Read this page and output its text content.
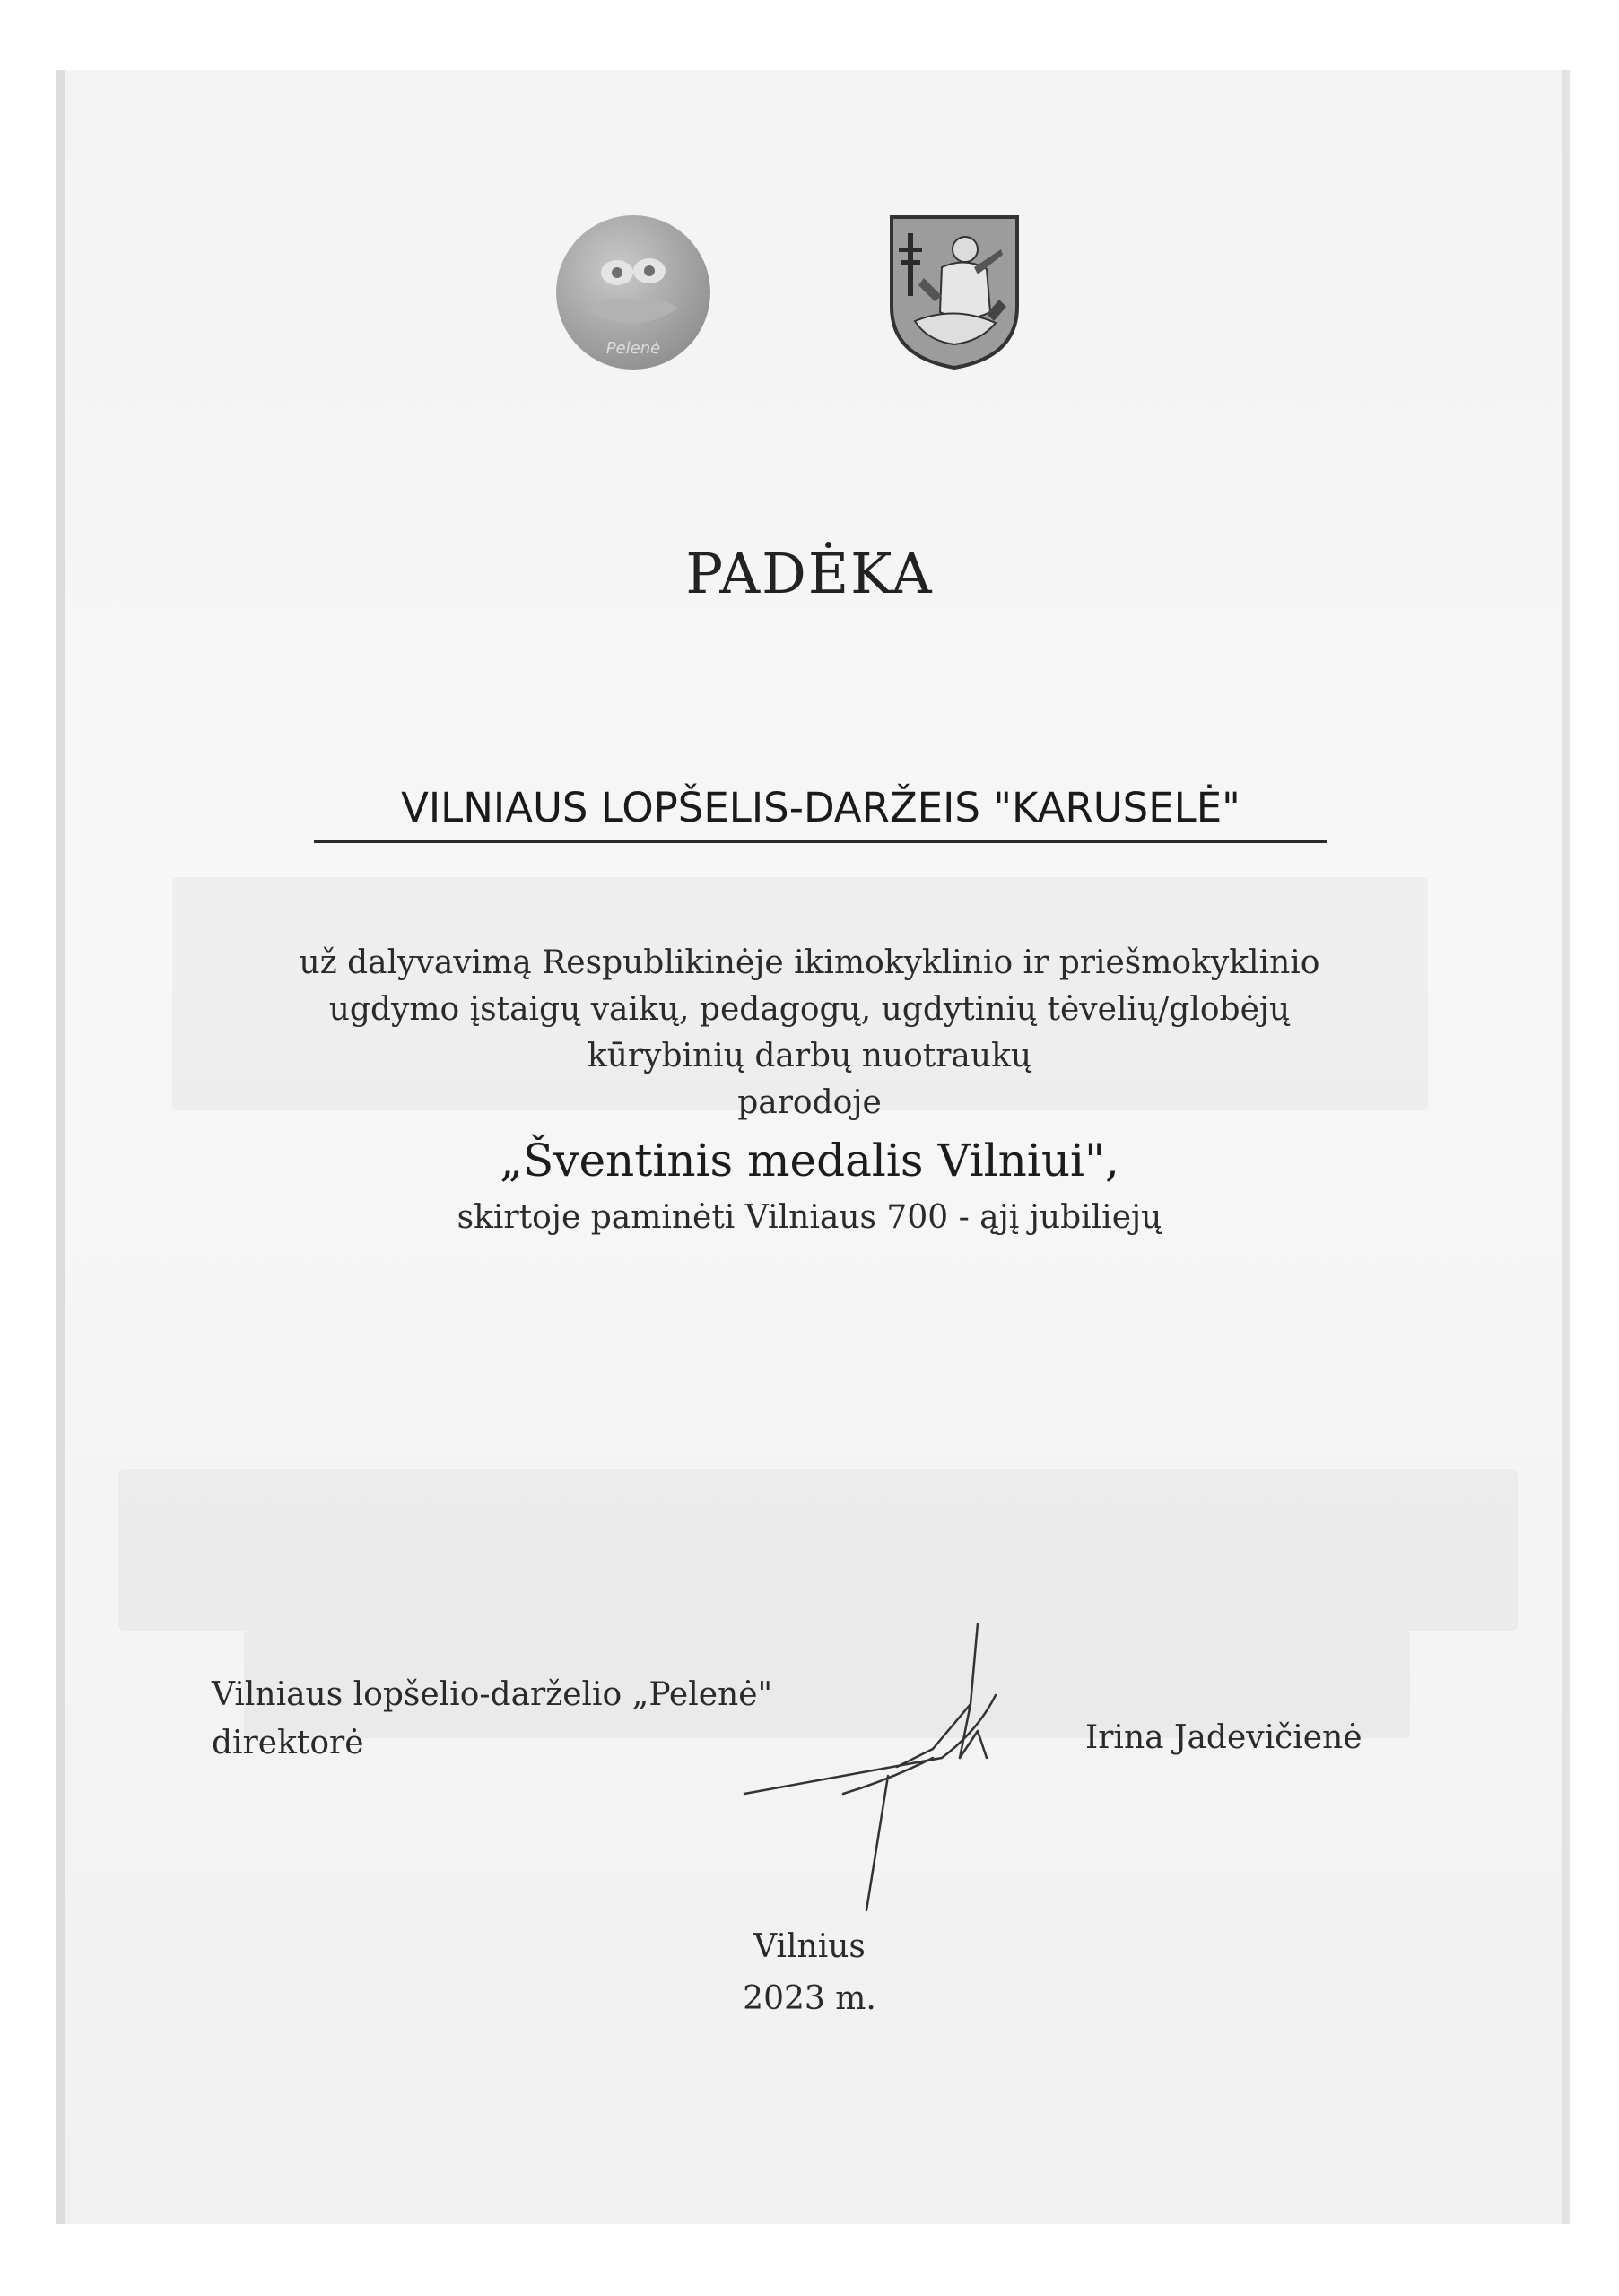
Pelenė
PADĖKA
VILNIAUS LOPŠELIS-DARŽEIS "KARUSELĖ"
už dalyvavimą Respublikinėje ikimokyklinio ir priešmokyklinio
ugdymo įstaigų vaikų, pedagogų, ugdytinių tėvelių/globėjų
kūrybinių darbų nuotraukų
parodoje
„Šventinis medalis Vilniui",
skirtoje paminėti Vilniaus 700 - ąjį jubiliejų
Vilniaus lopšelio-darželio „Pelenė"
direktorė	Irina Jadevičienė
Vilnius
2023 m.
